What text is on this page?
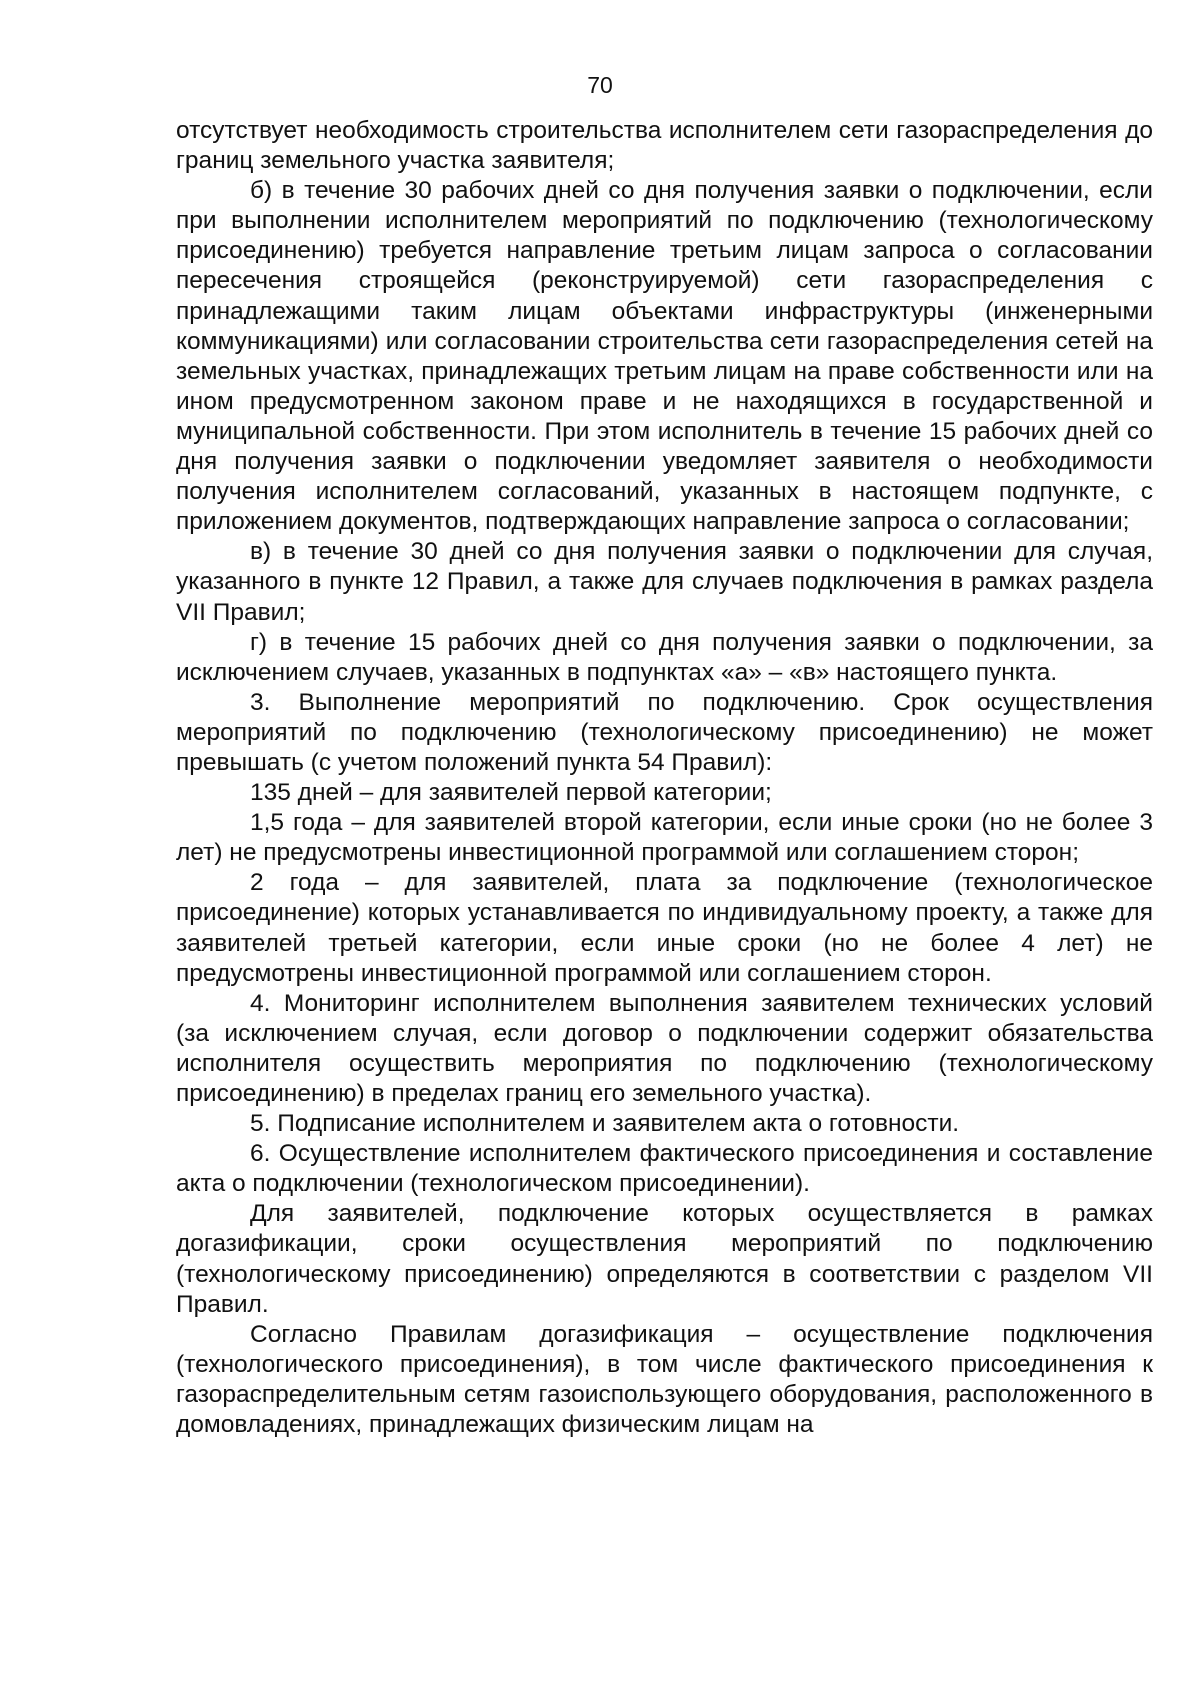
70

отсутствует необходимость строительства исполнителем сети газораспределения до границ земельного участка заявителя;

б) в течение 30 рабочих дней со дня получения заявки о подключении, если при выполнении исполнителем мероприятий по подключению (технологическому присоединению) требуется направление третьим лицам запроса о согласовании пересечения строящейся (реконструируемой) сети газораспределения с принадлежащими таким лицам объектами инфраструктуры (инженерными коммуникациями) или согласовании строительства сети газораспределения сетей на земельных участках, принадлежащих третьим лицам на праве собственности или на ином предусмотренном законом праве и не находящихся в государственной и муниципальной собственности. При этом исполнитель в течение 15 рабочих дней со дня получения заявки о подключении уведомляет заявителя о необходимости получения исполнителем согласований, указанных в настоящем подпункте, с приложением документов, подтверждающих направление запроса о согласовании;

в) в течение 30 дней со дня получения заявки о подключении для случая, указанного в пункте 12 Правил, а также для случаев подключения в рамках раздела VII Правил;

г) в течение 15 рабочих дней со дня получения заявки о подключении, за исключением случаев, указанных в подпунктах «а» – «в» настоящего пункта.

3. Выполнение мероприятий по подключению. Срок осуществления мероприятий по подключению (технологическому присоединению) не может превышать (с учетом положений пункта 54 Правил):

135 дней – для заявителей первой категории;

1,5 года – для заявителей второй категории, если иные сроки (но не более 3 лет) не предусмотрены инвестиционной программой или соглашением сторон;

2 года – для заявителей, плата за подключение (технологическое присоединение) которых устанавливается по индивидуальному проекту, а также для заявителей третьей категории, если иные сроки (но не более 4 лет) не предусмотрены инвестиционной программой или соглашением сторон.

4. Мониторинг исполнителем выполнения заявителем технических условий (за исключением случая, если договор о подключении содержит обязательства исполнителя осуществить мероприятия по подключению (технологическому присоединению) в пределах границ его земельного участка).

5. Подписание исполнителем и заявителем акта о готовности.

6. Осуществление исполнителем фактического присоединения и составление акта о подключении (технологическом присоединении).

Для заявителей, подключение которых осуществляется в рамках догазификации, сроки осуществления мероприятий по подключению (технологическому присоединению) определяются в соответствии с разделом VII Правил.

Согласно Правилам догазификация – осуществление подключения (технологического присоединения), в том числе фактического присоединения к газораспределительным сетям газоиспользующего оборудования, расположенного в домовладениях, принадлежащих физическим лицам на
